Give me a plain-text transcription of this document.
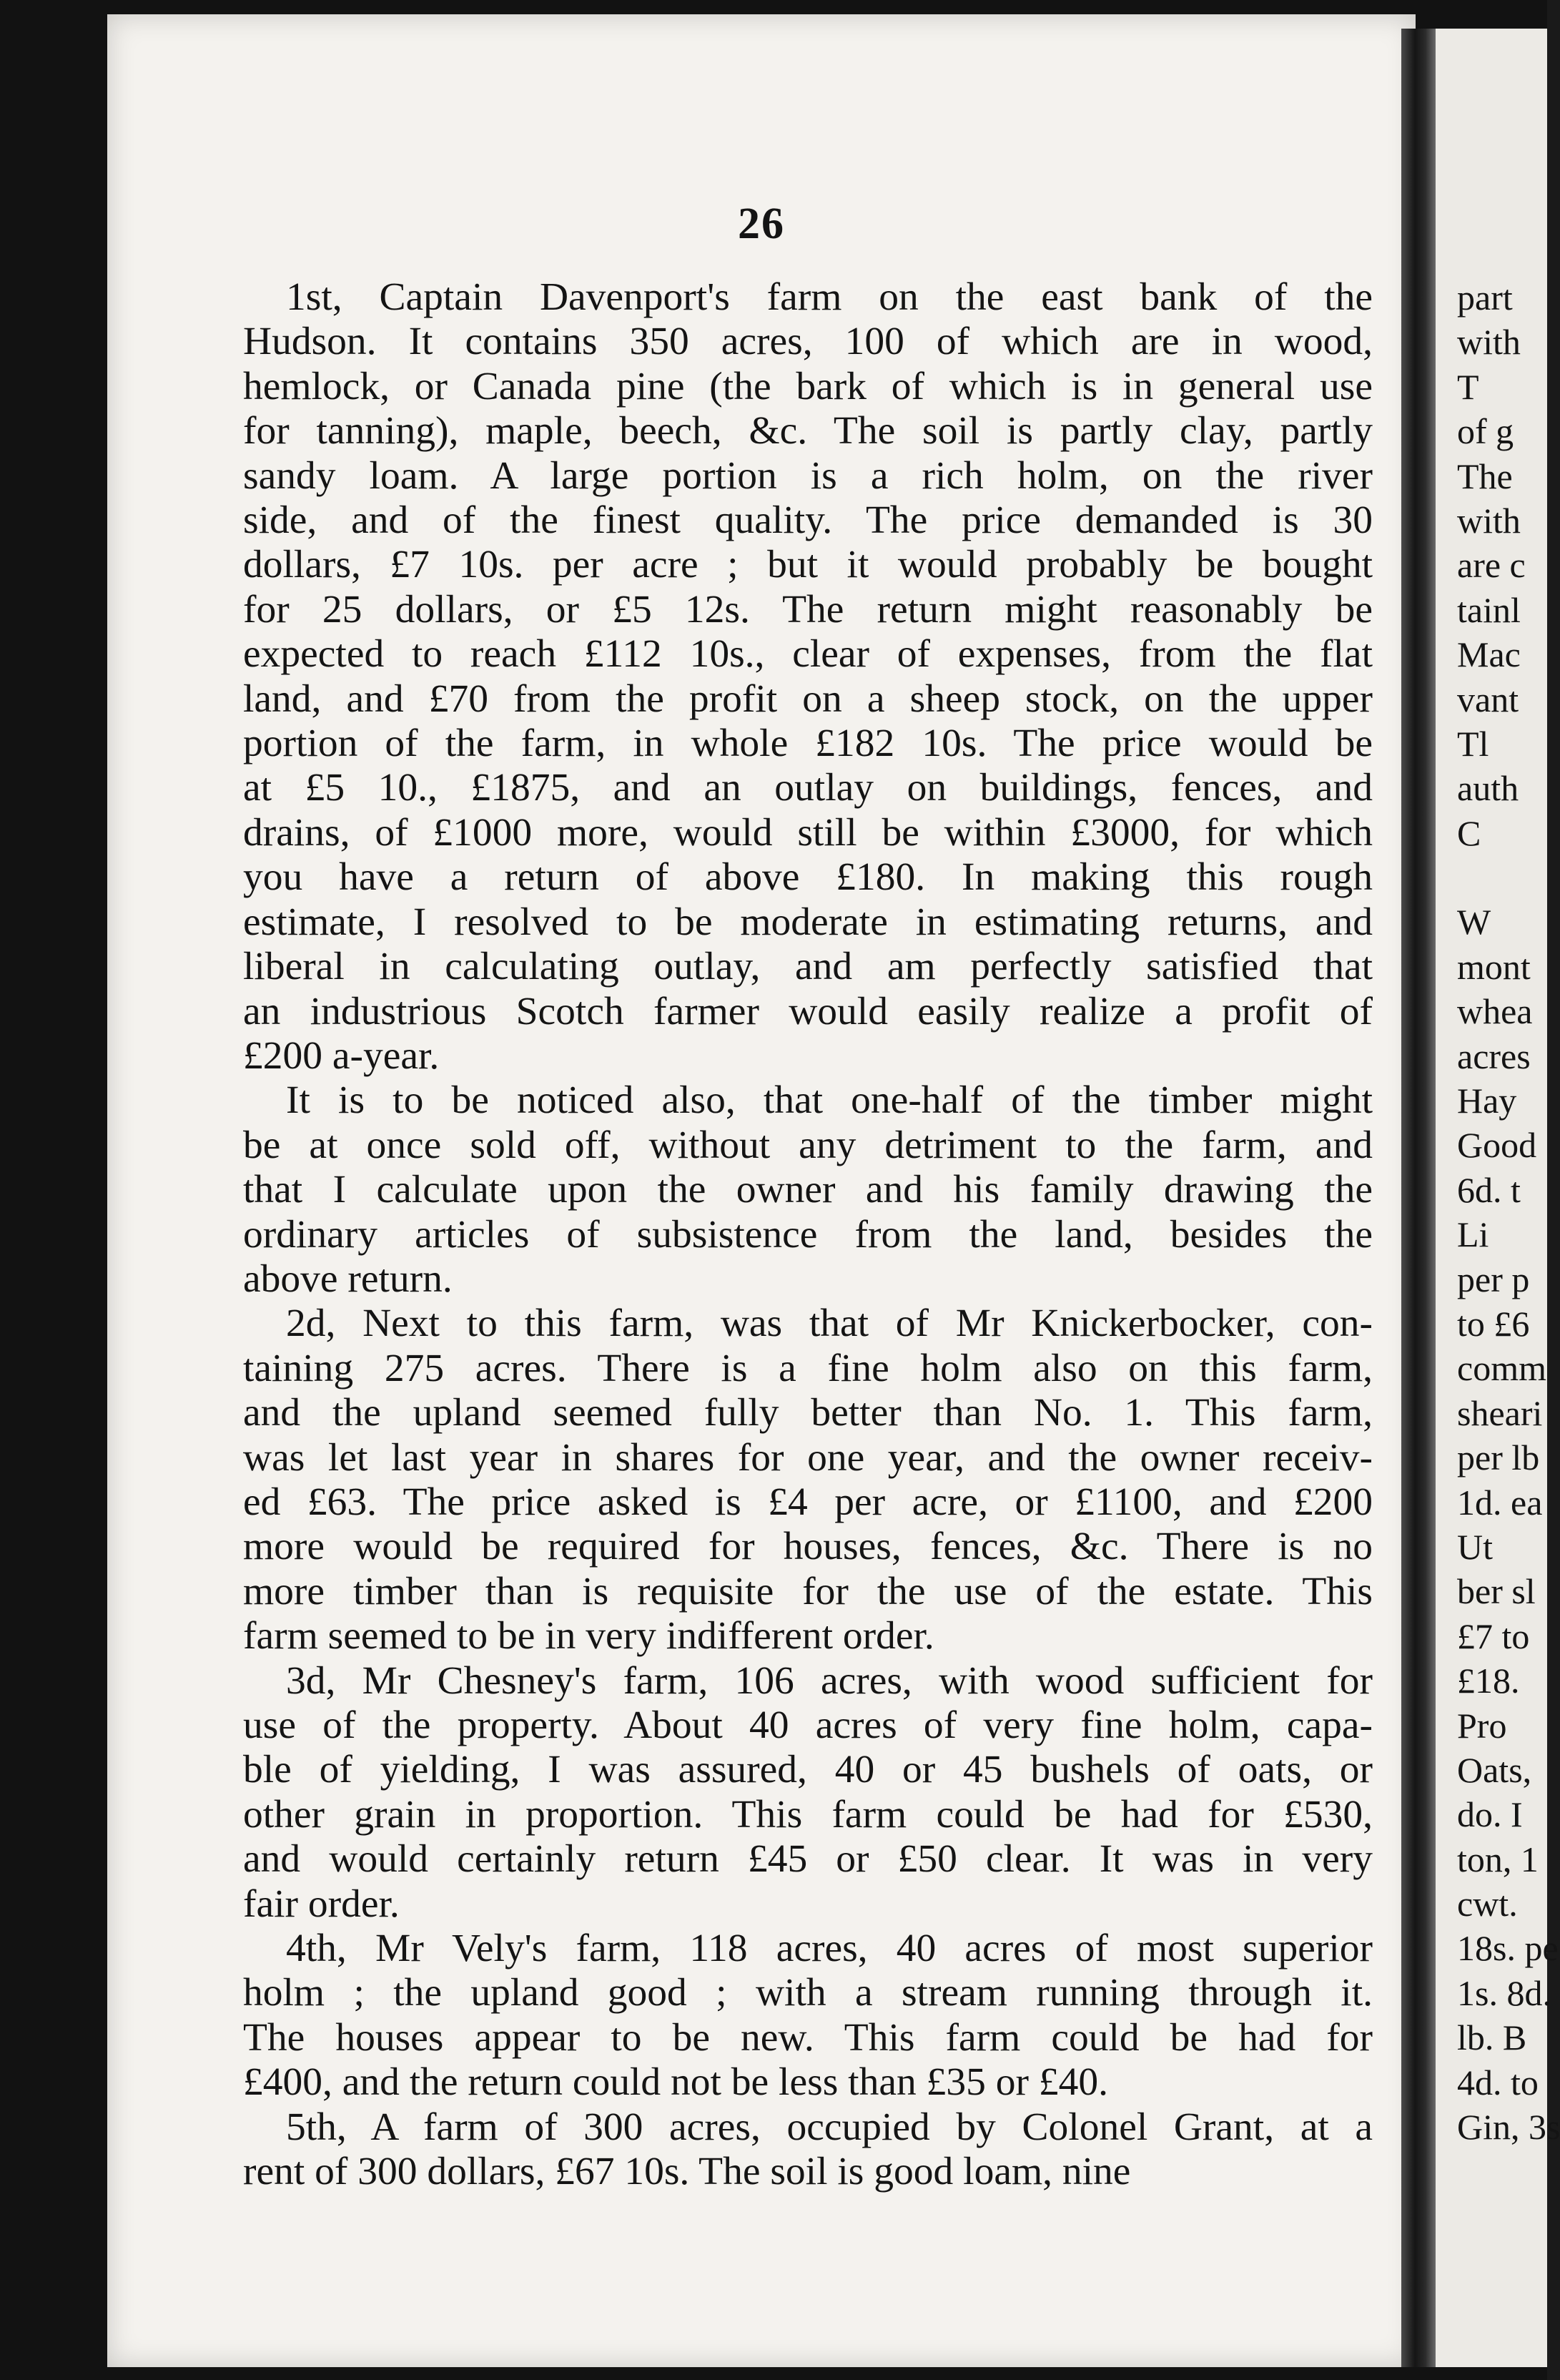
26
1st, Captain Davenport's farm on the east bank of the
Hudson. It contains 350 acres, 100 of which are in wood,
hemlock, or Canada pine (the bark of which is in general use
for tanning), maple, beech, &c. The soil is partly clay, partly
sandy loam. A large portion is a rich holm, on the river
side, and of the finest quality. The price demanded is 30
dollars, £7 10s. per acre ; but it would probably be bought
for 25 dollars, or £5 12s. The return might reasonably be
expected to reach £112 10s., clear of expenses, from the flat
land, and £70 from the profit on a sheep stock, on the upper
portion of the farm, in whole £182 10s. The price would be
at £5 10., £1875, and an outlay on buildings, fences, and
drains, of £1000 more, would still be within £3000, for which
you have a return of above £180. In making this rough
estimate, I resolved to be moderate in estimating returns, and
liberal in calculating outlay, and am perfectly satisfied that
an industrious Scotch farmer would easily realize a profit of
£200 a-year.
It is to be noticed also, that one-half of the timber might
be at once sold off, without any detriment to the farm, and
that I calculate upon the owner and his family drawing the
ordinary articles of subsistence from the land, besides the
above return.
2d, Next to this farm, was that of Mr Knickerbocker, con-
taining 275 acres. There is a fine holm also on this farm,
and the upland seemed fully better than No. 1. This farm,
was let last year in shares for one year, and the owner receiv-
ed £63. The price asked is £4 per acre, or £1100, and £200
more would be required for houses, fences, &c. There is no
more timber than is requisite for the use of the estate. This
farm seemed to be in very indifferent order.
3d, Mr Chesney's farm, 106 acres, with wood sufficient for
use of the property. About 40 acres of very fine holm, capa-
ble of yielding, I was assured, 40 or 45 bushels of oats, or
other grain in proportion. This farm could be had for £530,
and would certainly return £45 or £50 clear. It was in very
fair order.
4th, Mr Vely's farm, 118 acres, 40 acres of most superior
holm ; the upland good ; with a stream running through it.
The houses appear to be new. This farm could be had for
£400, and the return could not be less than £35 or £40.
5th, A farm of 300 acres, occupied by Colonel Grant, at a
rent of 300 dollars, £67 10s. The soil is good loam, nine
part
with
T
of g
The
with
are c
tainl
Mac
vant
Tl
auth
C
W
mont
whea
acres
Hay
Good
6d. t
Li
per p
to £6
comm
sheari
per lb
1d. ea
Ut
ber sl
£7 to
£18.
Pro
Oats,
do. I
ton, 1
cwt.
18s. pe
1s. 8d.
lb. B
4d. to
Gin, 3s
